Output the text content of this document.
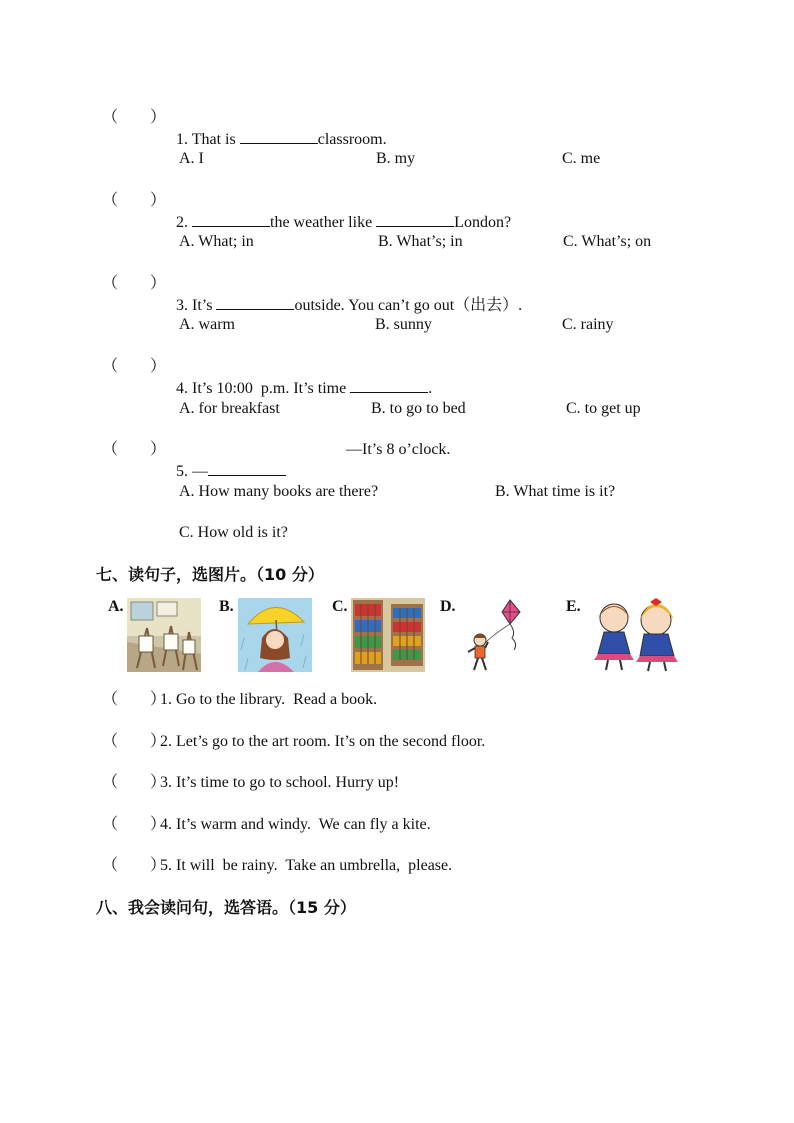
（　　）

1. That is	classroom.

A. I	B. my	C. me
（　　）

2.	the weather like	London?

A. What; in	B. What’s; in	C. What’s; on
（　　）

3. It’s	outside. You can’t go out（出去）.

A. warm	B. sunny	C. rainy
（　　）

4. It’s 10:00  p.m. It’s time	.

A. for breakfast	B. to go to bed	C. to get up
（　　）

5. —

—It’s 8 o’clock.
A. How many books are there?	B. What time is it?
C. How old is it?
七、读句子，选图片。（10 分）
A.	B.	C.	D.	E.
（　　）
1. Go to the library.  Read a book.
（　　）
2. Let’s go to the art room. It’s on the second floor.
（　　）
3. It’s time to go to school. Hurry up!
（　　）
4. It’s warm and windy.  We can fly a kite.
（　　）
5. It will  be rainy.  Take an umbrella,  please.
八、我会读问句，选答语。（15 分）
